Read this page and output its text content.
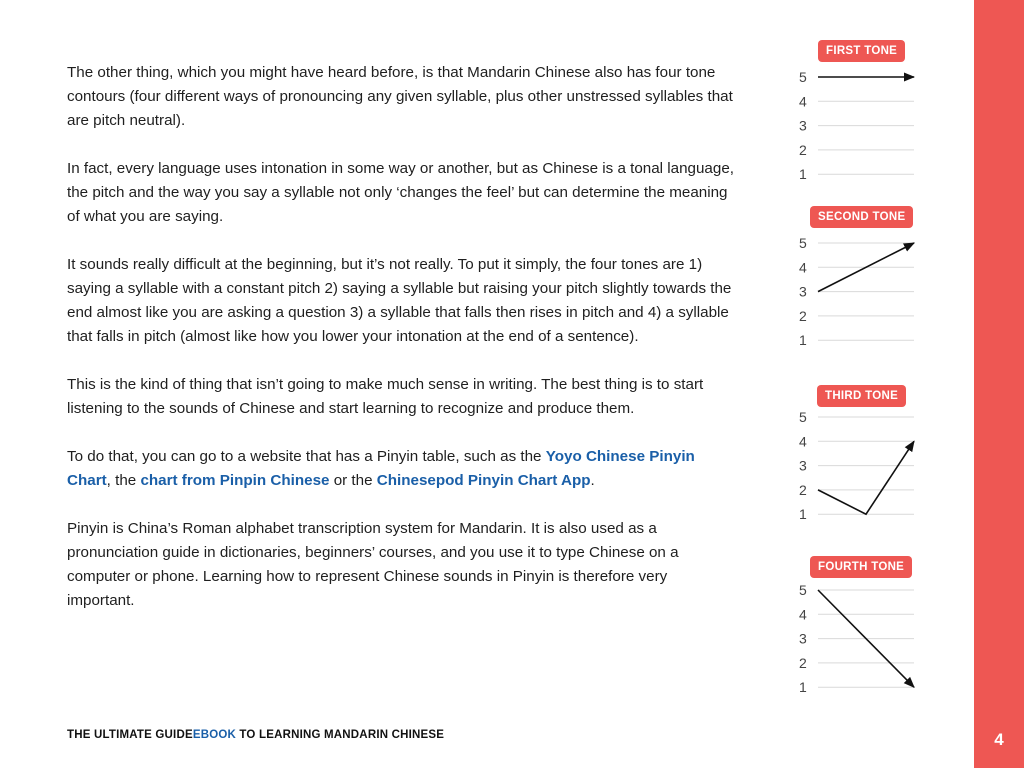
The other thing, which you might have heard before, is that Mandarin Chinese also has four tone contours (four different ways of pronouncing any given syllable, plus other unstressed syllables that are pitch neutral).

In fact, every language uses intonation in some way or another, but as Chinese is a tonal language, the pitch and the way you say a syllable not only ‘changes the feel’ but can determine the meaning of what you are saying.

It sounds really difficult at the beginning, but it’s not really. To put it simply, the four tones are 1) saying a syllable with a constant pitch 2) saying a syllable but raising your pitch slightly towards the end almost like you are asking a question 3) a syllable that falls then rises in pitch and 4) a syllable that falls in pitch (almost like how you lower your intonation at the end of a sentence).

This is the kind of thing that isn’t going to make much sense in writing. The best thing is to start listening to the sounds of Chinese and start learning to recognize and produce them.

To do that, you can go to a website that has a Pinyin table, such as the Yoyo Chinese Pinyin Chart, the chart from Pinpin Chinese or the Chinesepod Pinyin Chart App.

Pinyin is China’s Roman alphabet transcription system for Mandarin. It is also used as a pronunciation guide in dictionaries, beginners’ courses, and you use it to type Chinese on a computer or phone. Learning how to represent Chinese sounds in Pinyin is therefore very important.

THE ULTIMATE GUIDEEBOOK TO LEARNING MANDARIN CHINESE	4
FIRST TONE
5
4
3
2
1
SECOND TONE
5
4
3
2
1
THIRD TONE
5
4
3
2
1
FOURTH TONE
5
4
3
2
1
